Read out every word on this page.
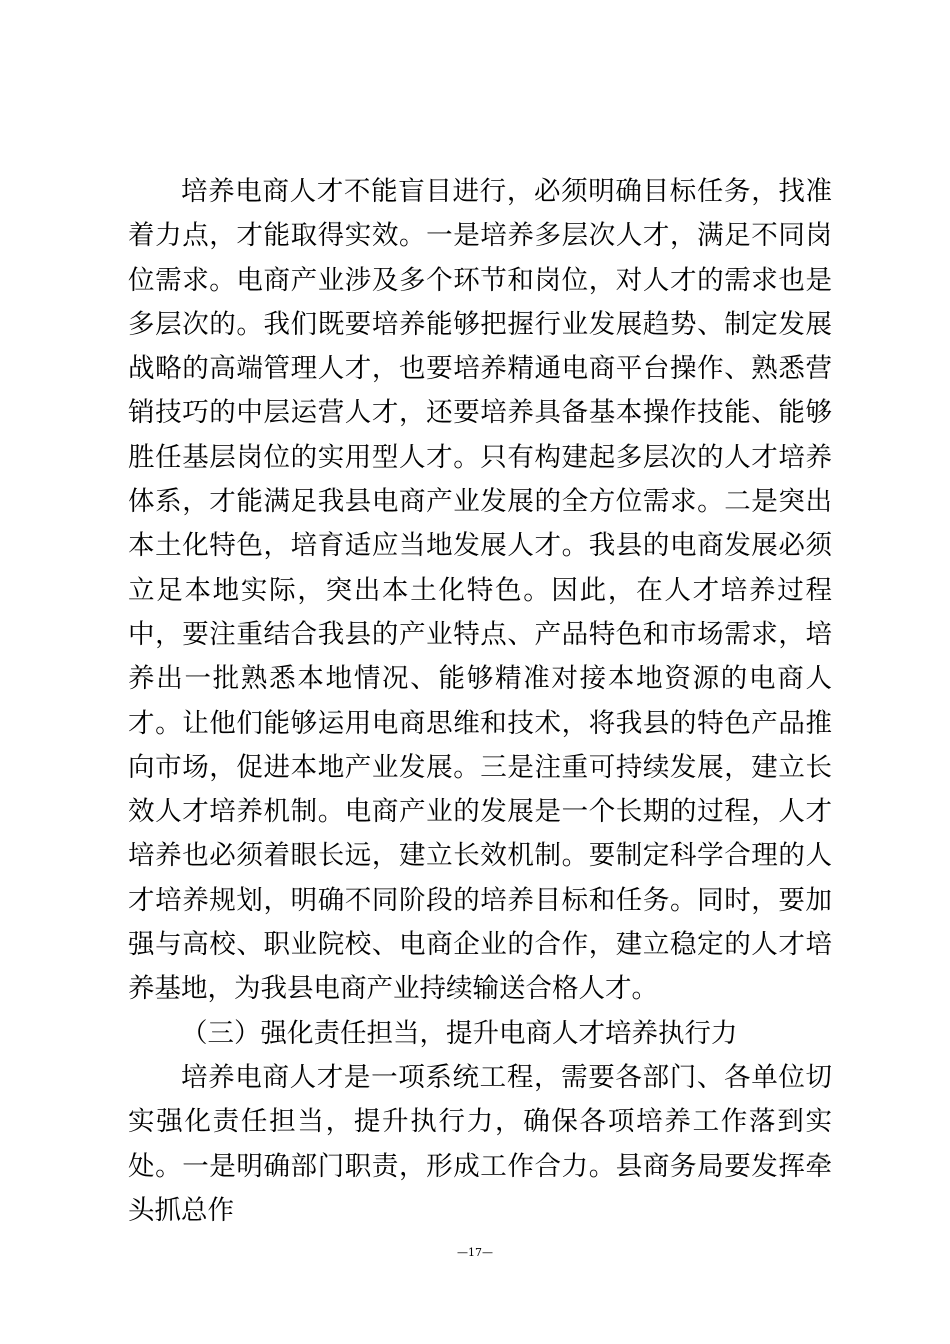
培养电商人才不能盲目进行，必须明确目标任务，找准着力点，才能取得实效。一是培养多层次人才，满足不同岗位需求。电商产业涉及多个环节和岗位，对人才的需求也是多层次的。我们既要培养能够把握行业发展趋势、制定发展战略的高端管理人才，也要培养精通电商平台操作、熟悉营销技巧的中层运营人才，还要培养具备基本操作技能、能够胜任基层岗位的实用型人才。只有构建起多层次的人才培养体系，才能满足我县电商产业发展的全方位需求。二是突出本土化特色，培育适应当地发展人才。我县的电商发展必须立足本地实际，突出本土化特色。因此，在人才培养过程中，要注重结合我县的产业特点、产品特色和市场需求，培养出一批熟悉本地情况、能够精准对接本地资源的电商人才。让他们能够运用电商思维和技术，将我县的特色产品推向市场，促进本地产业发展。三是注重可持续发展，建立长效人才培养机制。电商产业的发展是一个长期的过程，人才培养也必须着眼长远，建立长效机制。要制定科学合理的人才培养规划，明确不同阶段的培养目标和任务。同时，要加强与高校、职业院校、电商企业的合作，建立稳定的人才培养基地，为我县电商产业持续输送合格人才。

（三）强化责任担当，提升电商人才培养执行力

培养电商人才是一项系统工程，需要各部门、各单位切实强化责任担当，提升执行力，确保各项培养工作落到实处。一是明确部门职责，形成工作合力。县商务局要发挥牵头抓总作

—17—
